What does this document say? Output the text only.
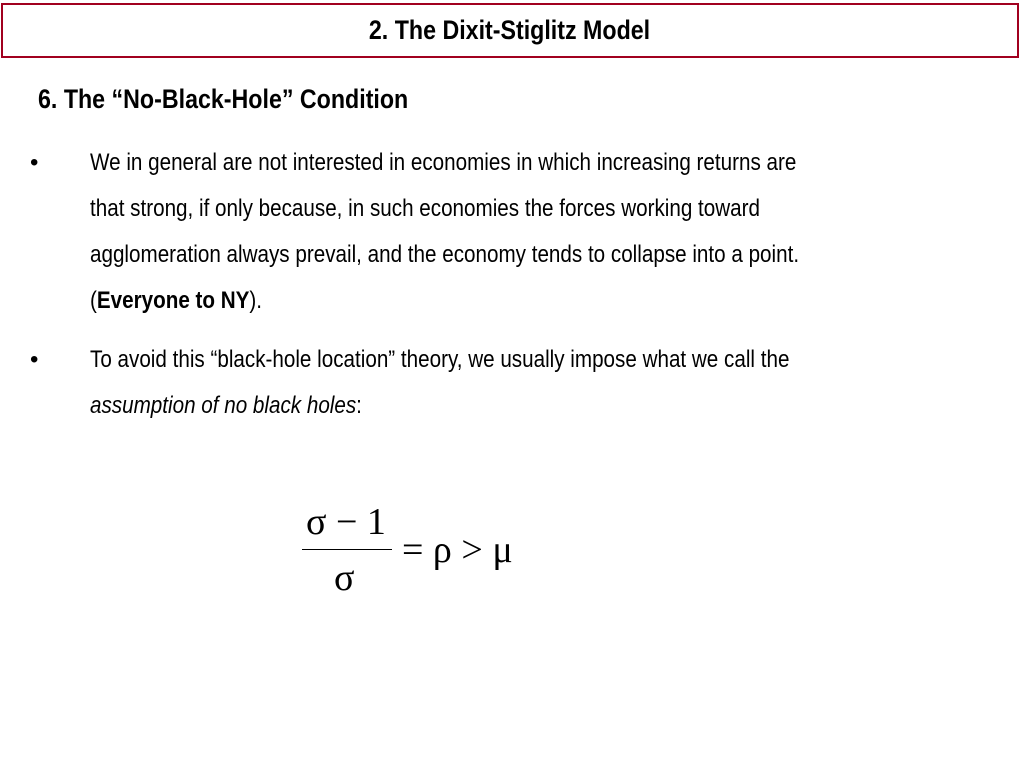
2. The Dixit-Stiglitz Model
6. The “No-Black-Hole” Condition
• We in general are not interested in economies in which increasing returns are
that strong, if only because, in such economies the forces working toward
agglomeration always prevail, and the economy tends to collapse into a point.
(Everyone to NY).
• To avoid this “black-hole location” theory, we usually impose what we call the
assumption of no black holes:
σ − 1
σ
= ρ > μ
